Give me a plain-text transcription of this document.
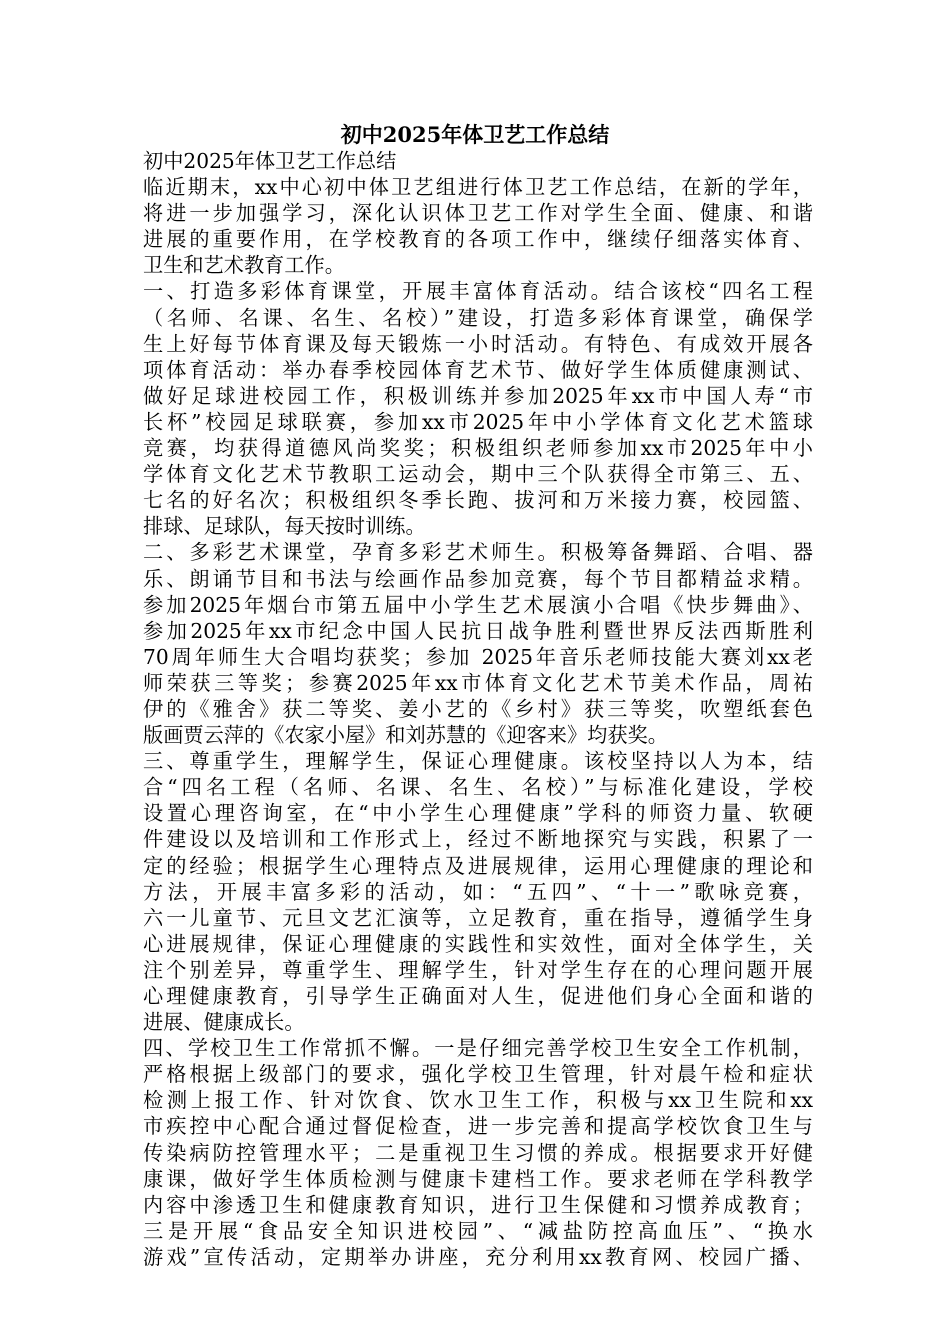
初中2025年体卫艺工作总结
初中2025年体卫艺工作总结
临近期末，xx中心初中体卫艺组进行体卫艺工作总结，在新的学年，
将进一步加强学习，深化认识体卫艺工作对学生全面、健康、和谐
进展的重要作用，在学校教育的各项工作中，继续仔细落实体育、
卫生和艺术教育工作。
一、打造多彩体育课堂，开展丰富体育活动。结合该校“四名工程
（名师、名课、名生、名校）”建设，打造多彩体育课堂，确保学
生上好每节体育课及每天锻炼一小时活动。有特色、有成效开展各
项体育活动：举办春季校园体育艺术节、做好学生体质健康测试、
做好足球进校园工作，积极训练并参加2025年xx市中国人寿“市
长杯”校园足球联赛，参加xx市2025年中小学体育文化艺术篮球
竞赛，均获得道德风尚奖奖；积极组织老师参加xx市2025年中小
学体育文化艺术节教职工运动会，期中三个队获得全市第三、五、
七名的好名次；积极组织冬季长跑、拔河和万米接力赛，校园篮、
排球、足球队，每天按时训练。
二、多彩艺术课堂，孕育多彩艺术师生。积极筹备舞蹈、合唱、器
乐、朗诵节目和书法与绘画作品参加竞赛，每个节目都精益求精。
参加2025年烟台市第五届中小学生艺术展演小合唱《快步舞曲》、
参加2025年xx市纪念中国人民抗日战争胜利暨世界反法西斯胜利
70周年师生大合唱均获奖；参加 2025年音乐老师技能大赛刘xx老
师荣获三等奖；参赛2025年xx市体育文化艺术节美术作品，周祐
伊的《雅舍》获二等奖、姜小艺的《乡村》获三等奖，吹塑纸套色
版画贾云萍的《农家小屋》和刘苏慧的《迎客来》均获奖。
三、尊重学生，理解学生，保证心理健康。该校坚持以人为本，结
合“四名工程（名师、名课、名生、名校）”与标准化建设，学校
设置心理咨询室，在“中小学生心理健康”学科的师资力量、软硬
件建设以及培训和工作形式上，经过不断地探究与实践，积累了一
定的经验；根据学生心理特点及进展规律，运用心理健康的理论和
方法，开展丰富多彩的活动，如：“五四”、“十一”歌咏竞赛，
六一儿童节、元旦文艺汇演等，立足教育，重在指导，遵循学生身
心进展规律，保证心理健康的实践性和实效性，面对全体学生，关
注个别差异，尊重学生、理解学生，针对学生存在的心理问题开展
心理健康教育，引导学生正确面对人生，促进他们身心全面和谐的
进展、健康成长。
四、学校卫生工作常抓不懈。一是仔细完善学校卫生安全工作机制，
严格根据上级部门的要求，强化学校卫生管理，针对晨午检和症状
检测上报工作、针对饮食、饮水卫生工作，积极与xx卫生院和xx
市疾控中心配合通过督促检查，进一步完善和提高学校饮食卫生与
传染病防控管理水平；二是重视卫生习惯的养成。根据要求开好健
康课，做好学生体质检测与健康卡建档工作。要求老师在学科教学
内容中渗透卫生和健康教育知识，进行卫生保健和习惯养成教育；
三是开展“食品安全知识进校园”、“减盐防控高血压”、“换水
游戏”宣传活动，定期举办讲座，充分利用xx教育网、校园广播、
